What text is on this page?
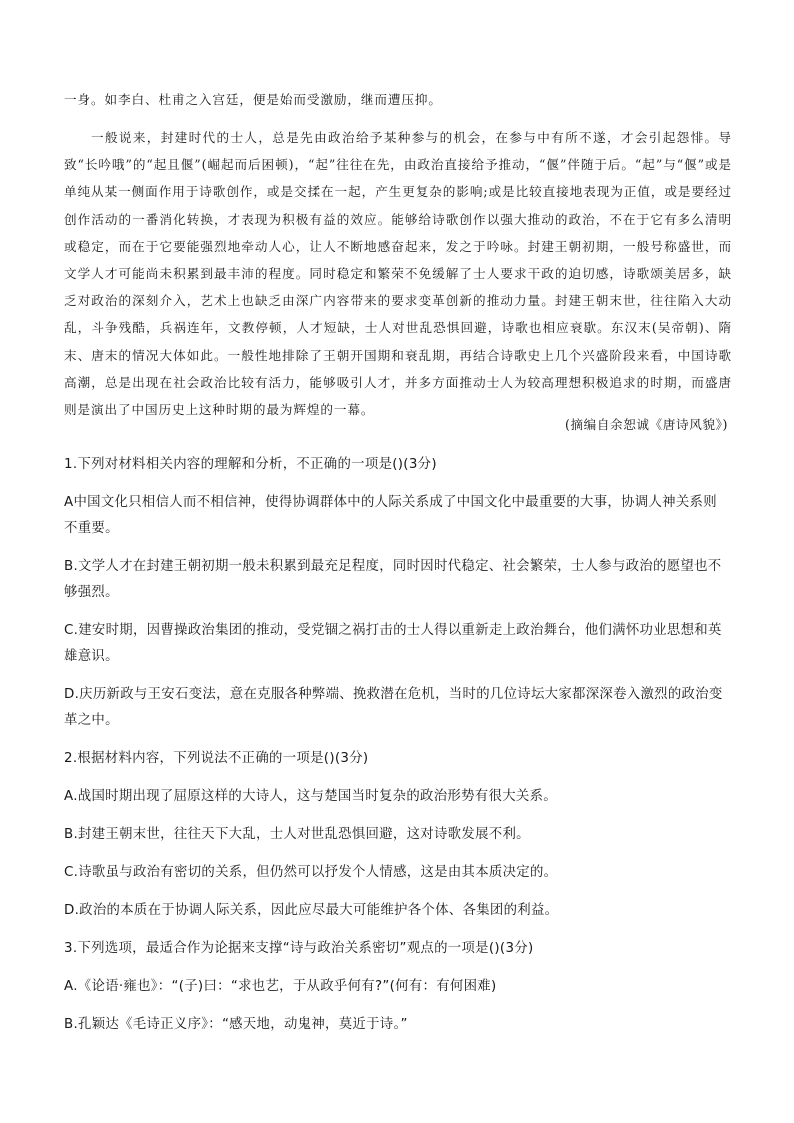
一身。如李白、杜甫之入宫廷，便是始而受激励，继而遭压抑。

一般说来，封建时代的士人，总是先由政治给予某种参与的机会，在参与中有所不遂，才会引起怨悱。导致“长吟哦”的“起且偃”(崛起而后困顿)，“起”往往在先，由政治直接给予推动，“偃”伴随于后。“起”与“偃”或是单纯从某一侧面作用于诗歌创作，或是交揉在一起，产生更复杂的影响;或是比较直接地表现为正值，或是要经过创作活动的一番消化转换，才表现为积极有益的效应。能够给诗歌创作以强大推动的政治，不在于它有多么清明或稳定，而在于它要能强烈地牵动人心，让人不断地感奋起来，发之于吟咏。封建王朝初期，一般号称盛世，而文学人才可能尚未积累到最丰沛的程度。同时稳定和繁荣不免缓解了士人要求干政的迫切感，诗歌颂美居多，缺乏对政治的深刻介入，艺术上也缺乏由深广内容带来的要求变革创新的推动力量。封建王朝末世，往往陷入大动乱，斗争残酷，兵祸连年，文教停顿，人才短缺，士人对世乱恐惧回避，诗歌也相应衰歇。东汉末(吴帝朝)、隋末、唐末的情况大体如此。一般性地排除了王朝开国期和衰乱期，再结合诗歌史上几个兴盛阶段来看，中国诗歌高潮，总是出现在社会政治比较有活力，能够吸引人才，并多方面推动士人为较高理想积极追求的时期，而盛唐则是演出了中国历史上这种时期的最为辉煌的一幕。

(摘编自余恕诚《唐诗风貌》)

1.下列对材料相关内容的理解和分析，不正确的一项是()(3分)

A中国文化只相信人而不相信神，使得协调群体中的人际关系成了中国文化中最重要的大事，协调人神关系则

不重要。

B.文学人才在封建王朝初期一般未积累到最充足程度，同时因时代稳定、社会繁荣，士人参与政治的愿望也不

够强烈。

C.建安时期，因曹操政治集团的推动，受党锢之祸打击的士人得以重新走上政治舞台，他们满怀功业思想和英

雄意识。

D.庆历新政与王安石变法，意在克服各种弊端、挽救潜在危机，当时的几位诗坛大家都深深卷入激烈的政治变

革之中。

2.根据材料内容，下列说法不正确的一项是()(3分)

A.战国时期出现了屈原这样的大诗人，这与楚国当时复杂的政治形势有很大关系。

B.封建王朝末世，往往天下大乱，士人对世乱恐惧回避，这对诗歌发展不利。

C.诗歌虽与政治有密切的关系，但仍然可以抒发个人情感，这是由其本质决定的。

D.政治的本质在于协调人际关系，因此应尽最大可能维护各个体、各集团的利益。

3.下列选项，最适合作为论据来支撑“诗与政治关系密切”观点的一项是()(3分)

A.《论语·雍也》：“(子)曰：“求也艺，于从政乎何有?”(何有：有何困难)

B.孔颖达《毛诗正义序》：“感天地，动鬼神，莫近于诗。”
